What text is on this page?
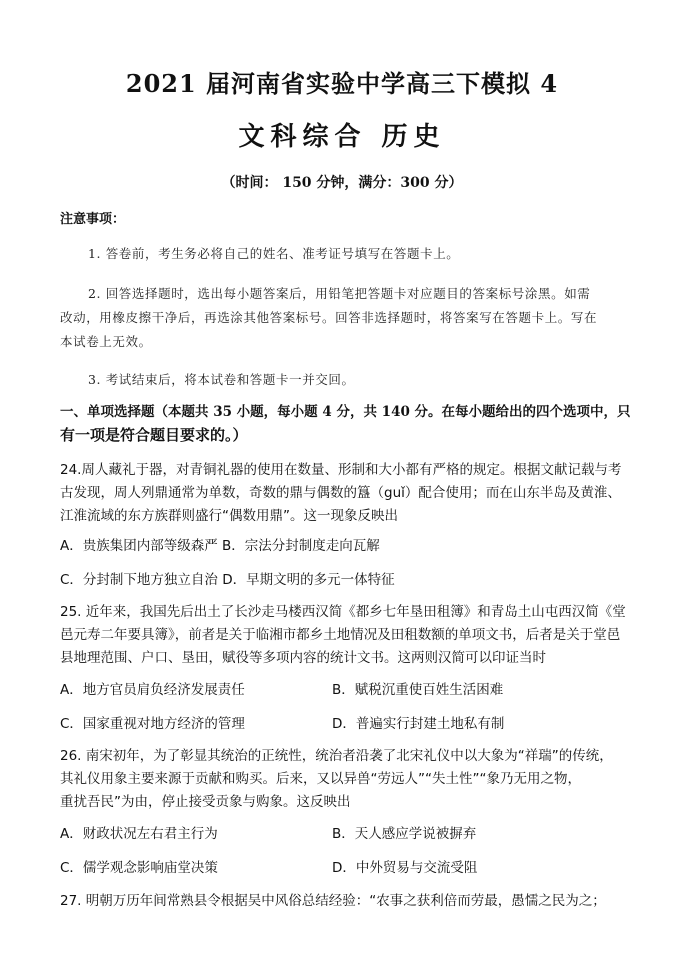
2021 届河南省实验中学高三下模拟 4
文科综合 历史
（时间： 150 分钟，满分：300 分）
注意事项：
1. 答卷前，考生务必将自己的姓名、准考证号填写在答题卡上。
2. 回答选择题时，选出每小题答案后，用铅笔把答题卡对应题目的答案标号涂黑。如需
改动，用橡皮擦干净后，再选涂其他答案标号。回答非选择题时，将答案写在答题卡上。写在
本试卷上无效。
3. 考试结束后，将本试卷和答题卡一并交回。
一、单项选择题（本题共 35 小题，每小题 4 分，共 140 分。在每小题给出的四个选项中，只
有一项是符合题目要求的。）
24.周人藏礼于器，对青铜礼器的使用在数量、形制和大小都有严格的规定。根据文献记载与考
古发现，周人列鼎通常为单数，奇数的鼎与偶数的簋（guǐ）配合使用；而在山东半岛及黄淮、
江淮流域的东方族群则盛行“偶数用鼎”。这一现象反映出
A．贵族集团内部等级森严 B．宗法分封制度走向瓦解
C．分封制下地方独立自治 D．早期文明的多元一体特征
25. 近年来，我国先后出土了长沙走马楼西汉简《都乡七年垦田租簿》和青岛土山屯西汉简《堂
邑元寿二年要具簿》，前者是关于临湘市都乡土地情况及田租数额的单项文书，后者是关于堂邑
县地理范围、户口、垦田，赋役等多项内容的统计文书。这两则汉简可以印证当时
A．地方官员肩负经济发展责任	B．赋税沉重使百姓生活困难
C．国家重视对地方经济的管理	D．普遍实行封建土地私有制
26. 南宋初年，为了彰显其统治的正统性，统治者沿袭了北宋礼仪中以大象为“祥瑞”的传统，
其礼仪用象主要来源于贡献和购买。后来，又以异兽“劳远人”“失土性”“象乃无用之物，
重扰吾民”为由，停止接受贡象与购象。这反映出
A．财政状况左右君主行为	B．天人感应学说被摒弃
C．儒学观念影响庙堂决策	D．中外贸易与交流受阻
27. 明朝万历年间常熟县令根据吴中风俗总结经验：“农事之获利倍而劳最，愚懦之民为之；
